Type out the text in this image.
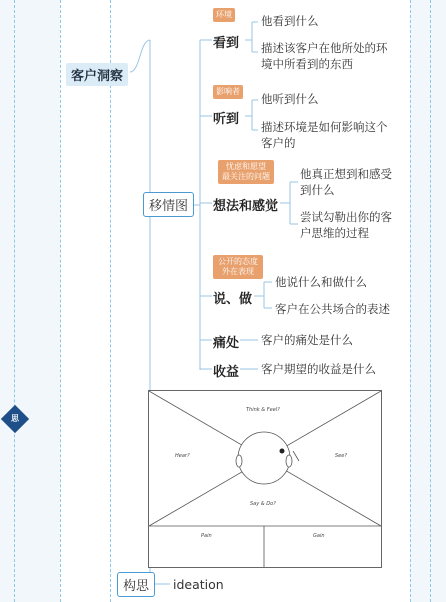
思
客户洞察
环境
看到
他看到什么
描述该客户在他所处的环境中所看到的东西
影响者
听到
他听到什么
描述环境是如何影响这个客户的
移情图
忧虑和愿望 最关注的问题
想法和感觉
他真正想到和感受到什么
尝试勾勒出你的客户思维的过程
公开的态度 外在表现
说、做
他说什么和做什么
客户在公共场合的表述
痛处 客户的痛处是什么
收益 客户期望的收益是什么
Think & Feel?
Hear?	See?
Say & Do?
Pain	Gain
构思	ideation
